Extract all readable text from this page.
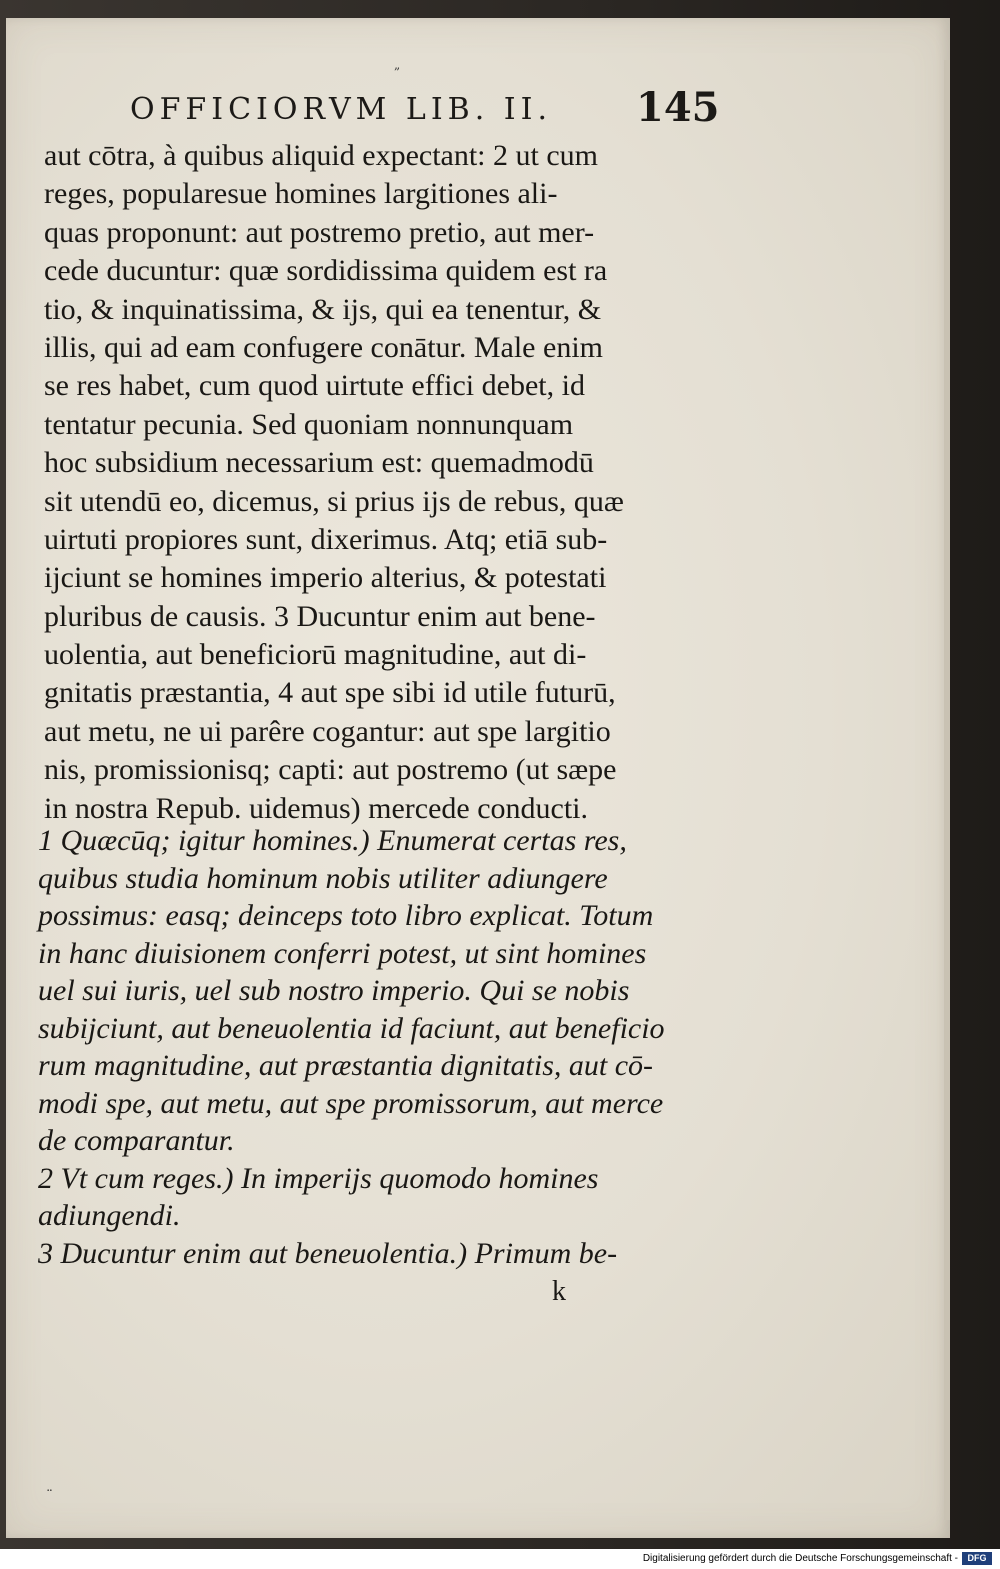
„
OFFICIORVM LIB. II.	145
aut cōtra, à quibus aliquid expectant: 2 ut cum
reges, popularesue homines largitiones ali-
quas proponunt: aut postremo pretio, aut mer-
cede ducuntur: quæ sordidissima quidem est ra
tio, & inquinatissima, & ijs, qui ea tenentur, &
illis, qui ad eam confugere conātur. Male enim
se res habet, cum quod uirtute effici debet, id
tentatur pecunia. Sed quoniam nonnunquam
hoc subsidium necessarium est: quemadmodū
sit utendū eo, dicemus, si prius ijs de rebus, quæ
uirtuti propiores sunt, dixerimus. Atq; etiā sub-
ijciunt se homines imperio alterius, & potestati
pluribus de causis. 3 Ducuntur enim aut bene-
uolentia, aut beneficiorū magnitudine, aut di-
gnitatis præstantia, 4 aut spe sibi id utile futurū,
aut metu, ne ui parêre cogantur: aut spe largitio
nis, promissionisq; capti: aut postremo (ut sæpe
in nostra Repub. uidemus) mercede conducti.
1 Quæcūq; igitur homines.) Enumerat certas res,
quibus studia hominum nobis utiliter adiungere
possimus: easq; deinceps toto libro explicat. Totum
in hanc diuisionem conferri potest, ut sint homines
uel sui iuris, uel sub nostro imperio. Qui se nobis
subijciunt, aut beneuolentia id faciunt, aut beneficio
rum magnitudine, aut præstantia dignitatis, aut cō-
modi spe, aut metu, aut spe promissorum, aut merce
de comparantur.
2 Vt cum reges.) In imperijs quomodo homines
adiungendi.
3 Ducuntur enim aut beneuolentia.) Primum be-
k
¨
Digitalisierung gefördert durch die Deutsche Forschungsgemeinschaft -	DFG
